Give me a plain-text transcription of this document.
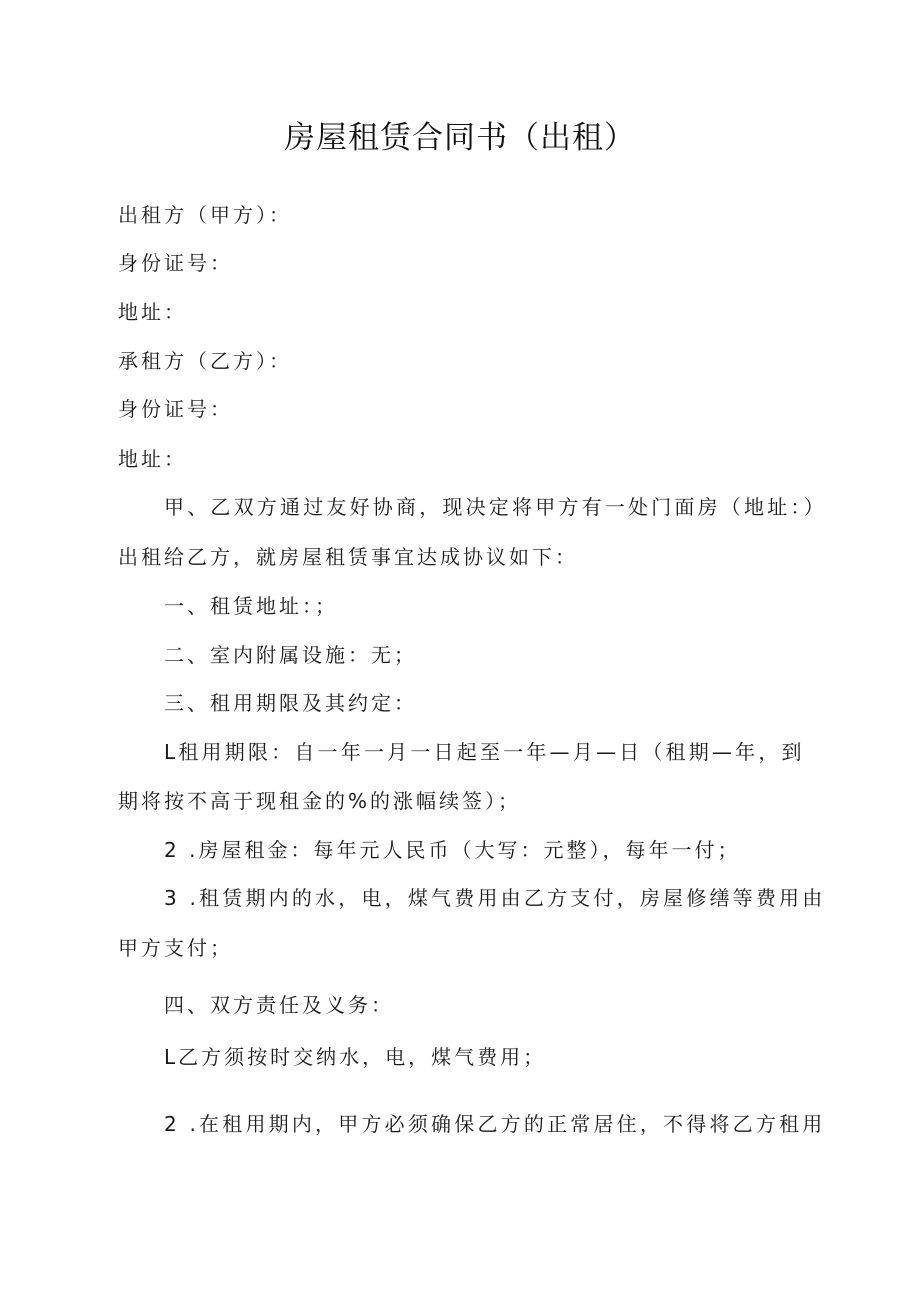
房屋租赁合同书（出租）
出租方（甲方）：
身份证号：
地址：
承租方（乙方）：
身份证号：
地址：
甲、乙双方通过友好协商，现决定将甲方有一处门面房（地址：）
出租给乙方，就房屋租赁事宜达成协议如下：
一、租赁地址：；
二、室内附属设施：无；
三、租用期限及其约定：
L租用期限：自一年一月一日起至一年—月—日（租期—年，到
期将按不高于现租金的%的涨幅续签）；
2 .房屋租金：每年元人民币（大写：元整），每年一付；
3 .租赁期内的水，电，煤气费用由乙方支付，房屋修缮等费用由
甲方支付；
四、双方责任及义务：
L乙方须按时交纳水，电，煤气费用；
2 .在租用期内，甲方必须确保乙方的正常居住，不得将乙方租用
